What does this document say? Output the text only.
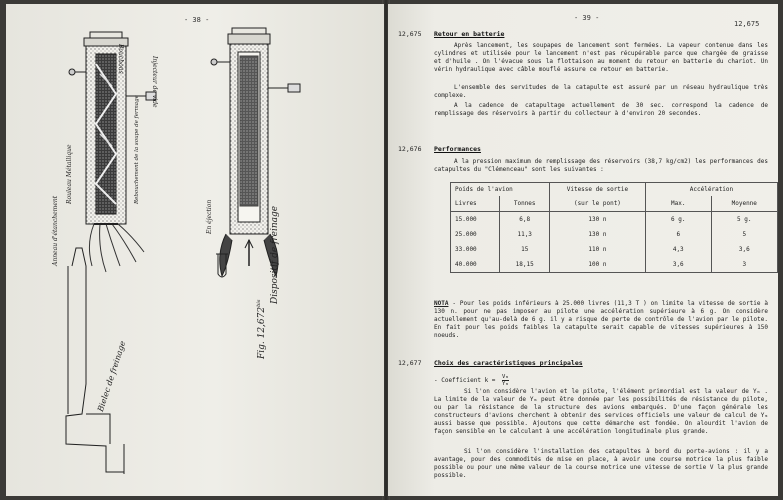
- 38 -
Bouchons	Injecteur de vide
Rouleau Métallique
Anneau d'étanchement
Rebouchement de la soupe de fermage
En éjection
Fig. $12,672^{bis}$ Dispositif de freinage
Bielec de freinage
- 39 -
12,675
12,675 Retour en batterie
Après lancement, les soupapes de lancement sont fermées. La vapeur contenue dans les cylindres et utilisée pour le lancement n'est pas récupérable parce que chargée de graisse et d'huile . On l'évacue sous la flottaison au moment du retour en batterie du chariot. Un vérin hydraulique avec câble mouflé assure ce retour en batterie.
L'ensemble des servitudes de la catapulte est assuré par un réseau hydraulique très complexe.
A la cadence de catapultage actuellement de 30 sec. correspond la cadence de remplissage des réservoirs à partir du collecteur à d'environ 20 secondes.
12,676 Performances
A la pression maximum de remplissage des réservoirs (38,7 kg/cm2) les performances des catapultes du "Clémenceau" sont les suivantes :
Poids de l'avion		Vitesse de sortie	Accélération	
Livres	Tonnes	(sur le pont)	Max.	Moyenne
15.000	6,8	130 n	6 g.	5 g.
25.000	11,3	130 n	6	5
33.000	15	110 n	4,3	3,6
40.000	18,15	100 n	3,6	3
NOTA - Pour les poids inférieurs à 25.000 livres (11,3 T ) on limite la vitesse de sortie à 130 n. pour ne pas imposer au pilote une accélération supérieure à 6 g. On considère actuellement qu'au-delà de 6 g. il y a risque de perte de contrôle de l'avion par le pilote. En fait pour les poids faibles la catapulte serait capable de vitesses supérieures à 150 noeuds.
12,677 Choix des caractéristiques principales
- Coefficient $k = \frac{\text{Vₘ}}{\text{Yₘ}}$
Si l'on considère l'avion et le pilote, l'élément primordial est la valeur de Yₘ . La limite de la valeur de Yₘ peut être donnée par les possibilités de résistance du pilote, ou par la résistance de la structure des avions embarqués. D'une façon générale les constructeurs d'avions cherchent à obtenir des services officiels une valeur de calcul de Yₘ aussi basse que possible. Ajoutons que cette démarche est fondée. On alourdit l'avion de façon sensible en le calculant à une accélération longitudinale plus grande.
Si l'on considère l'installation des catapultes à bord du porte-avions : il y a avantage, pour des commodités de mise en place, à avoir une course motrice la plus faible possible ou pour une même valeur de la course motrice une vitesse de sortie V la plus grande possible.
